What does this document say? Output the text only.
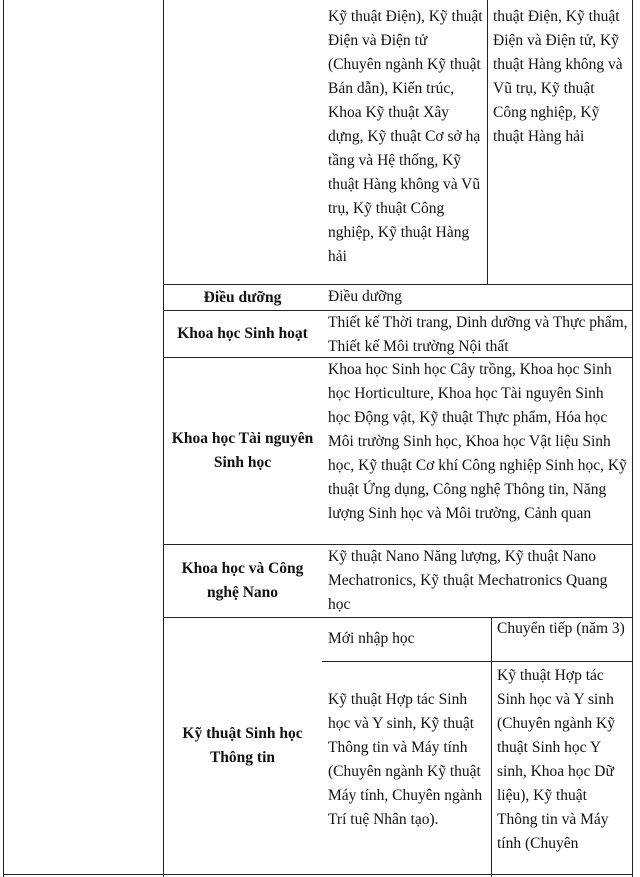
Kỹ thuật Điện), Kỹ thuật Điện và Điện tử (Chuyên ngành Kỹ thuật Bán dẫn), Kiến trúc, Khoa Kỹ thuật Xây dựng, Kỹ thuật Cơ sở hạ tầng và Hệ thống, Kỹ thuật Hàng không và Vũ trụ, Kỹ thuật Công nghiệp, Kỹ thuật Hàng hải
thuật Điện, Kỹ thuật Điện và Điện tử, Kỹ thuật Hàng không và Vũ trụ, Kỹ thuật Công nghiệp, Kỹ thuật Hàng hải
Điều dưỡng	Điều dưỡng
Khoa học Sinh hoạt
Thiết kế Thời trang, Dinh dưỡng và Thực phẩm, Thiết kế Môi trường Nội thất
Khoa học Tài nguyên Sinh học
Khoa học Sinh học Cây trồng, Khoa học Sinh học Horticulture, Khoa học Tài nguyên Sinh học Động vật, Kỹ thuật Thực phẩm, Hóa học Môi trường Sinh học, Khoa học Vật liệu Sinh học, Kỹ thuật Cơ khí Công nghiệp Sinh học, Kỹ thuật Ứng dụng, Công nghệ Thông tin, Năng lượng Sinh học và Môi trường, Cảnh quan
Khoa học và Công nghệ Nano
Kỹ thuật Nano Năng lượng, Kỹ thuật Nano Mechatronics, Kỹ thuật Mechatronics Quang học
Kỹ thuật Sinh học Thông tin
Mới nhập học
Chuyển tiếp (năm 3)
Kỹ thuật Hợp tác Sinh học và Y sinh, Kỹ thuật Thông tin và Máy tính (Chuyên ngành Kỹ thuật Máy tính, Chuyên ngành Trí tuệ Nhân tạo).
Kỹ thuật Hợp tác Sinh học và Y sinh (Chuyên ngành Kỹ thuật Sinh học Y sinh, Khoa học Dữ liệu), Kỹ thuật Thông tin và Máy tính (Chuyên
